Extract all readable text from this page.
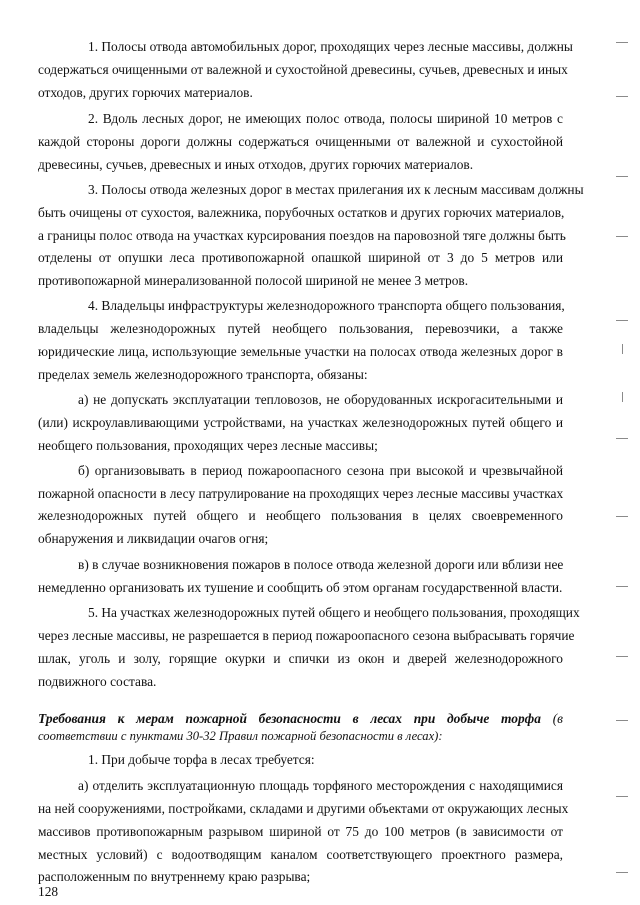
1. Полосы отвода автомобильных дорог, проходящих через лесные массивы, должны
содержаться очищенными от валежной и сухостойной древесины, сучьев, древесных и иных
отходов, других горючих материалов.
2. Вдоль лесных дорог, не имеющих полос отвода, полосы шириной 10 метров с
каждой стороны дороги должны содержаться очищенными от валежной и сухостойной
древесины, сучьев, древесных и иных отходов, других горючих материалов.
3. Полосы отвода железных дорог в местах прилегания их к лесным массивам должны
быть очищены от сухостоя, валежника, порубочных остатков и других горючих материалов,
а границы полос отвода на участках курсирования поездов на паровозной тяге должны быть
отделены от опушки леса противопожарной опашкой шириной от 3 до 5 метров или
противопожарной минерализованной полосой шириной не менее 3 метров.
4. Владельцы инфраструктуры железнодорожного транспорта общего пользования,
владельцы железнодорожных путей необщего пользования, перевозчики, а также
юридические лица, использующие земельные участки на полосах отвода железных дорог в
пределах земель железнодорожного транспорта, обязаны:
а) не допускать эксплуатации тепловозов, не оборудованных искрогасительными и
(или) искроулавливающими устройствами, на участках железнодорожных путей общего и
необщего пользования, проходящих через лесные массивы;
б) организовывать в период пожароопасного сезона при высокой и чрезвычайной
пожарной опасности в лесу патрулирование на проходящих через лесные массивы участках
железнодорожных путей общего и необщего пользования в целях своевременного
обнаружения и ликвидации очагов огня;
в) в случае возникновения пожаров в полосе отвода железной дороги или вблизи нее
немедленно организовать их тушение и сообщить об этом органам государственной власти.
5. На участках железнодорожных путей общего и необщего пользования, проходящих
через лесные массивы, не разрешается в период пожароопасного сезона выбрасывать горячие
шлак, уголь и золу, горящие окурки и спички из окон и дверей железнодорожного
подвижного состава.
Требования к мерам пожарной безопасности в лесах при добыче торфа (в
соответствии с пунктами 30-32 Правил пожарной безопасности в лесах):
1. При добыче торфа в лесах требуется:
а) отделить эксплуатационную площадь торфяного месторождения с находящимися
на ней сооружениями, постройками, складами и другими объектами от окружающих лесных
массивов противопожарным разрывом шириной от 75 до 100 метров (в зависимости от
местных условий) с водоотводящим каналом соответствующего проектного размера,
расположенным по внутреннему краю разрыва;
128
